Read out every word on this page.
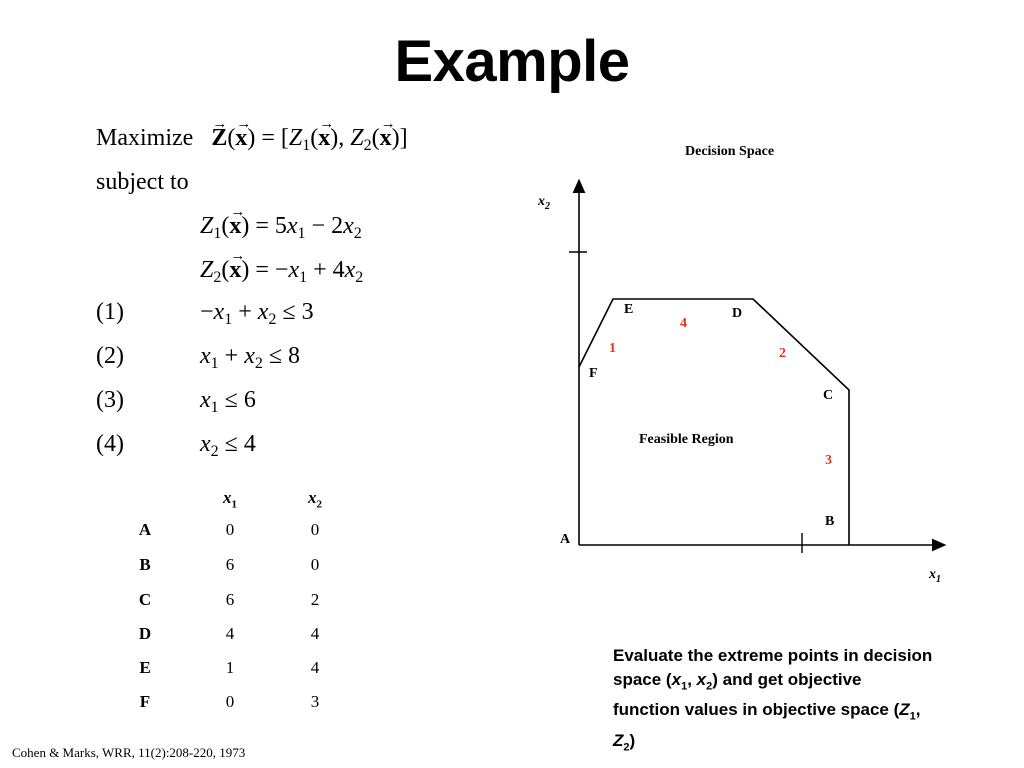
Example
Maximize   → $Z(\to x) = [Z_1(\to x)$, $Z_2(\to x)$]
subject to
$Z_1(\to x) = 5x_1 - 2x_2$
$Z_2(\to x) = -x_1 + 4x_2$
(1)	$-x_1 + x_2 \le 3$
(2)	$x_1 + x_2 \le 8$
(3)	$x_1 \le 6$
(4)	$x_2 \le 4$
$x_1$	$x_2$
A	0	0
B	6	0
C	6	2
D	4	4
E	1	4
F	0	3
Decision Space
$x_2$
$x_1$
E	D
F
C
B
A
4
1	2
3
Feasible Region
Evaluate the extreme points in decision space ($x_1$, $x_2$) and get objective function values in objective space ($Z_1$, $Z_2$)
Cohen & Marks, WRR, 11(2):208-220, 1973
